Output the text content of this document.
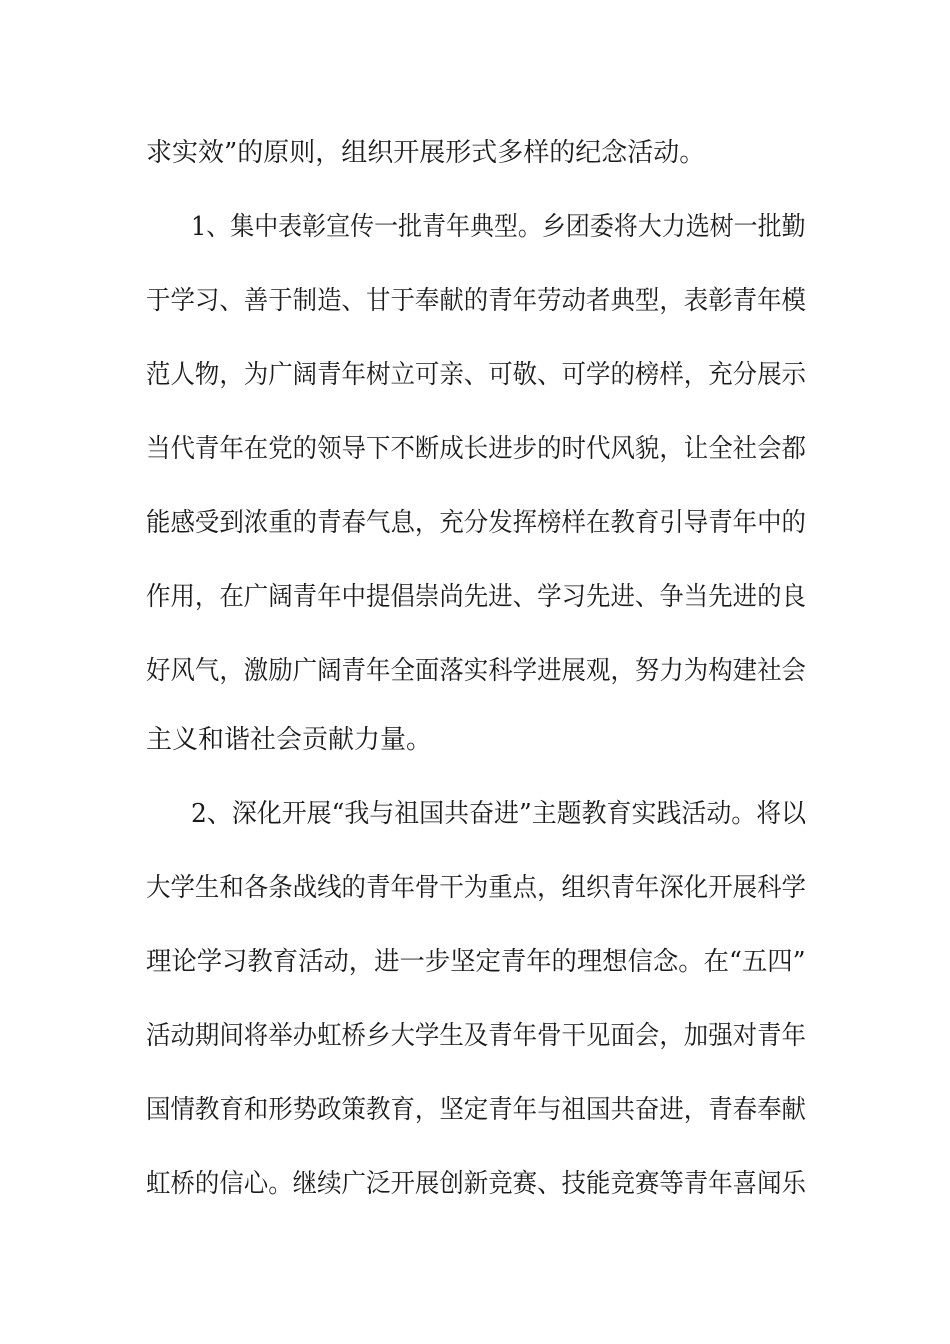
求实效”的原则，组织开展形式多样的纪念活动。
1、集中表彰宣传一批青年典型。乡团委将大力选树一批勤
于学习、善于制造、甘于奉献的青年劳动者典型，表彰青年模
范人物，为广阔青年树立可亲、可敬、可学的榜样，充分展示
当代青年在党的领导下不断成长进步的时代风貌，让全社会都
能感受到浓重的青春气息，充分发挥榜样在教育引导青年中的
作用，在广阔青年中提倡崇尚先进、学习先进、争当先进的良
好风气，激励广阔青年全面落实科学进展观，努力为构建社会
主义和谐社会贡献力量。
2、深化开展“我与祖国共奋进”主题教育实践活动。将以
大学生和各条战线的青年骨干为重点，组织青年深化开展科学
理论学习教育活动，进一步坚定青年的理想信念。在“五四”
活动期间将举办虹桥乡大学生及青年骨干见面会，加强对青年
国情教育和形势政策教育，坚定青年与祖国共奋进，青春奉献
虹桥的信心。继续广泛开展创新竞赛、技能竞赛等青年喜闻乐
